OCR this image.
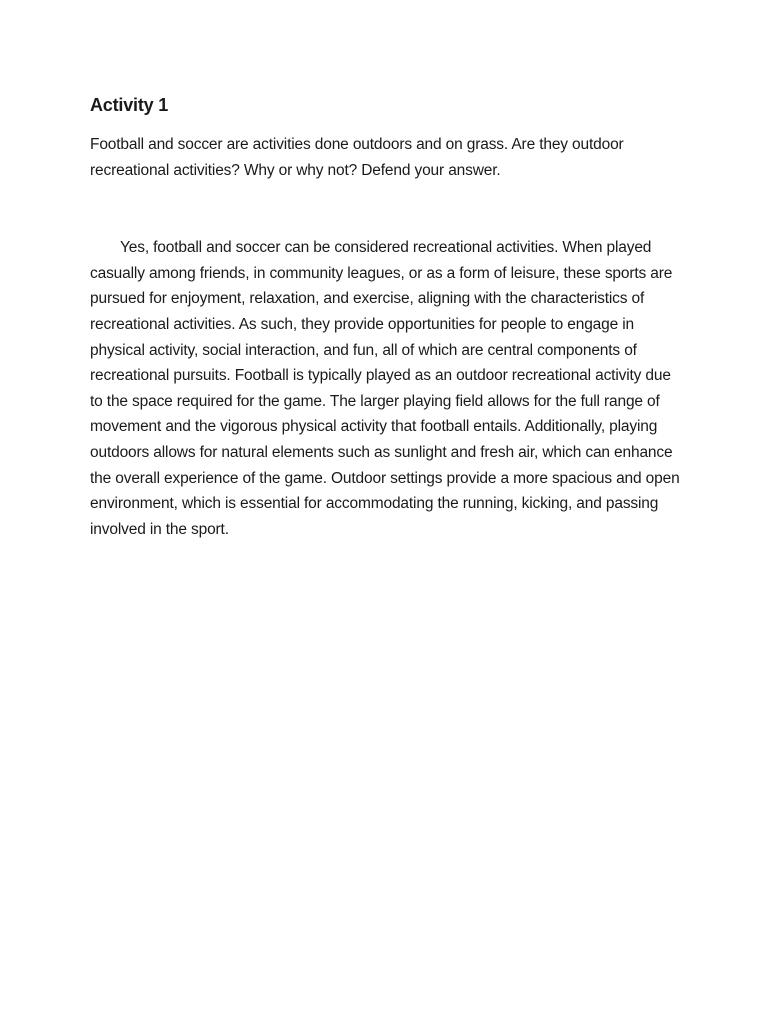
Activity 1

Football and soccer are activities done outdoors and on grass. Are they outdoor recreational activities? Why or why not? Defend your answer.

Yes, football and soccer can be considered recreational activities. When played casually among friends, in community leagues, or as a form of leisure, these sports are pursued for enjoyment, relaxation, and exercise, aligning with the characteristics of recreational activities. As such, they provide opportunities for people to engage in physical activity, social interaction, and fun, all of which are central components of recreational pursuits. Football is typically played as an outdoor recreational activity due to the space required for the game. The larger playing field allows for the full range of movement and the vigorous physical activity that football entails. Additionally, playing outdoors allows for natural elements such as sunlight and fresh air, which can enhance the overall experience of the game. Outdoor settings provide a more spacious and open environment, which is essential for accommodating the running, kicking, and passing involved in the sport.
